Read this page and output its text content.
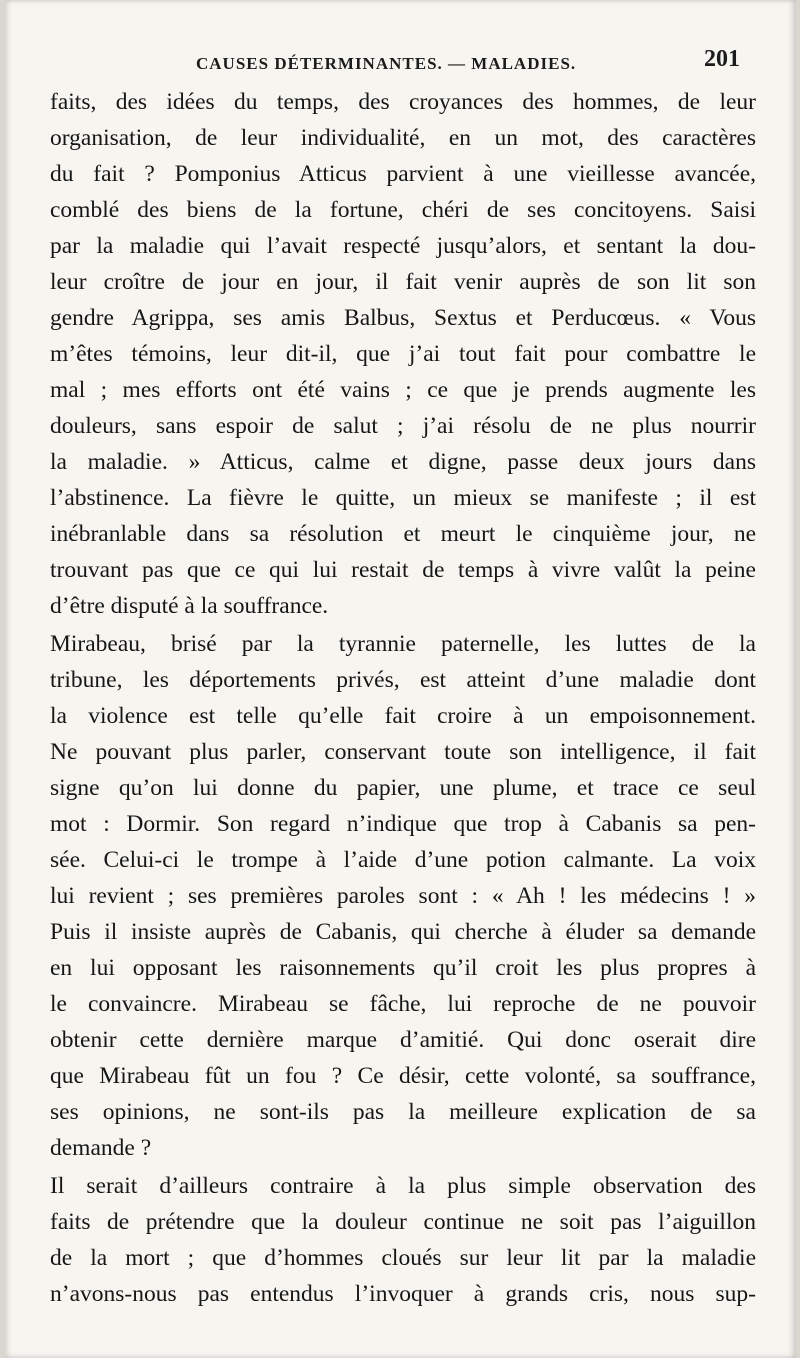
CAUSES DÉTERMINANTES. — MALADIES.	201
faits, des idées du temps, des croyances des hommes, de leur
organisation, de leur individualité, en un mot, des caractères
du fait ? Pomponius Atticus parvient à une vieillesse avancée,
comblé des biens de la fortune, chéri de ses concitoyens. Saisi
par la maladie qui l’avait respecté jusqu’alors, et sentant la dou-
leur croître de jour en jour, il fait venir auprès de son lit son
gendre Agrippa, ses amis Balbus, Sextus et Perducœus. « Vous
m’êtes témoins, leur dit-il, que j’ai tout fait pour combattre le
mal ; mes efforts ont été vains ; ce que je prends augmente les
douleurs, sans espoir de salut ; j’ai résolu de ne plus nourrir
la maladie. » Atticus, calme et digne, passe deux jours dans
l’abstinence. La fièvre le quitte, un mieux se manifeste ; il est
inébranlable dans sa résolution et meurt le cinquième jour, ne
trouvant pas que ce qui lui restait de temps à vivre valût la peine
d’être disputé à la souffrance.
Mirabeau, brisé par la tyrannie paternelle, les luttes de la
tribune, les déportements privés, est atteint d’une maladie dont
la violence est telle qu’elle fait croire à un empoisonnement.
Ne pouvant plus parler, conservant toute son intelligence, il fait
signe qu’on lui donne du papier, une plume, et trace ce seul
mot : Dormir. Son regard n’indique que trop à Cabanis sa pen-
sée. Celui-ci le trompe à l’aide d’une potion calmante. La voix
lui revient ; ses premières paroles sont : « Ah ! les médecins ! »
Puis il insiste auprès de Cabanis, qui cherche à éluder sa demande
en lui opposant les raisonnements qu’il croit les plus propres à
le convaincre. Mirabeau se fâche, lui reproche de ne pouvoir
obtenir cette dernière marque d’amitié. Qui donc oserait dire
que Mirabeau fût un fou ? Ce désir, cette volonté, sa souffrance,
ses opinions, ne sont-ils pas la meilleure explication de sa
demande ?
Il serait d’ailleurs contraire à la plus simple observation des
faits de prétendre que la douleur continue ne soit pas l’aiguillon
de la mort ; que d’hommes cloués sur leur lit par la maladie
n’avons-nous pas entendus l’invoquer à grands cris, nous sup-
